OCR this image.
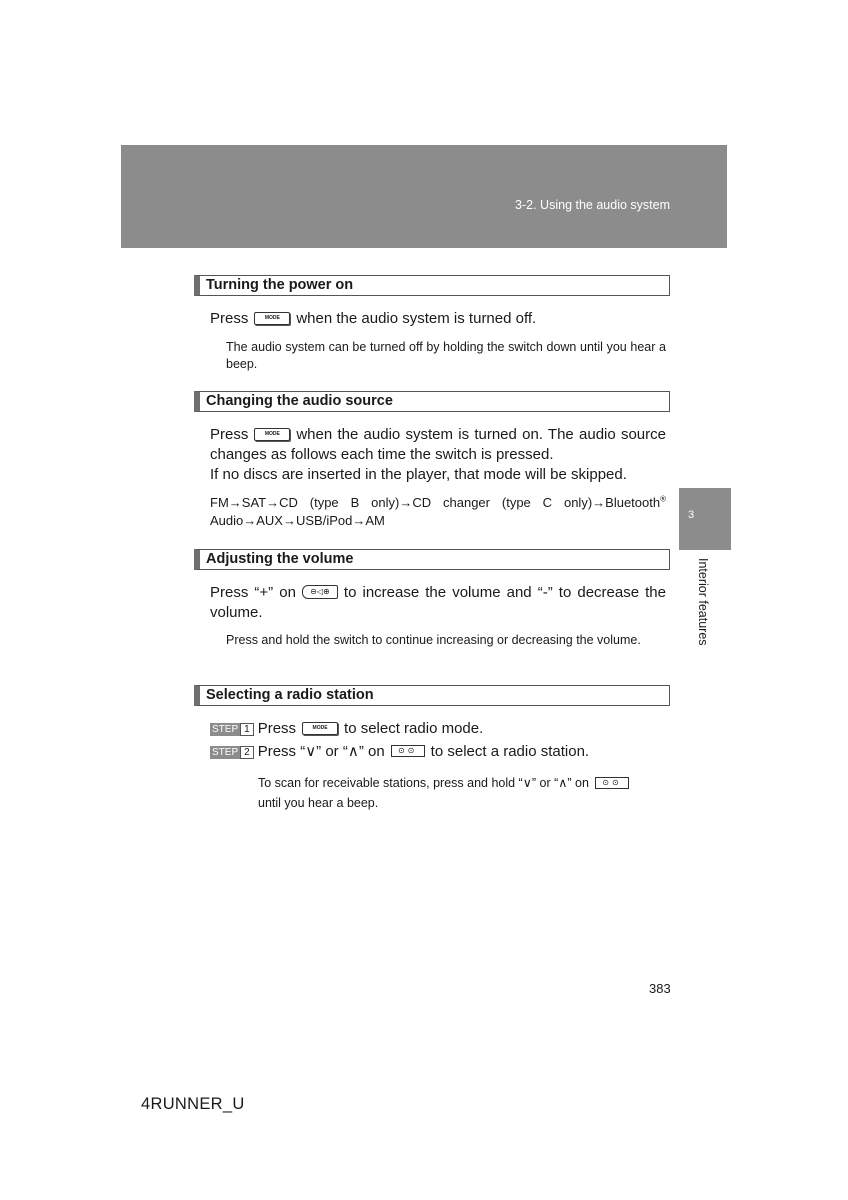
3-2. Using the audio system
3
Interior features
Turning the power on
Press	MODE	when the audio system is turned off.
The audio system can be turned off by holding the switch down until you hear a beep.
Changing the audio source
Press	MODE	when the audio system is turned on. The audio source changes as follows each time the switch is pressed.
If no discs are inserted in the player, that mode will be skipped.
FM→SAT→CD (type B only)→CD changer (type C only)→Bluetooth®
Audio→AUX→USB/iPod→AM
Adjusting the volume
Press “+” on ⊖◁⊕ to increase the volume and “-” to decrease the volume.
Press and hold the switch to continue increasing or decreasing the volume.
Selecting a radio station
STEP 1 Press	MODE	to select radio mode.
STEP 2 Press “∨” or “∧” on ⊙⊙ to select a radio station.
To scan for receivable stations, press and hold “∨” or “∧” on ⊙⊙
until you hear a beep.
383
4RUNNER_U
